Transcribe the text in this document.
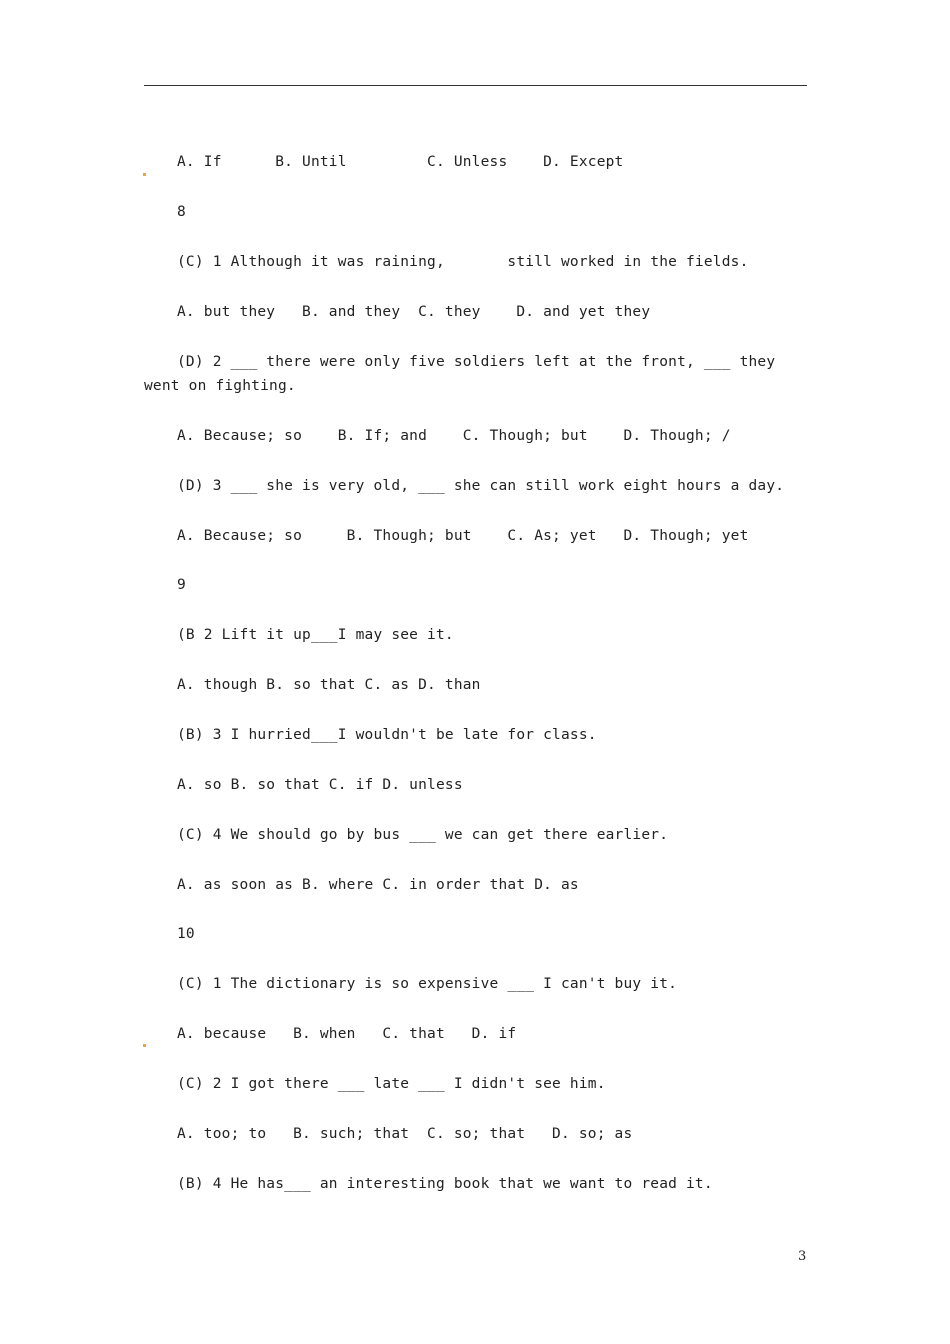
A. If      B. Until         C. Unless    D. Except
8
(C) 1 Although it was raining,       still worked in the fields.
A. but they   B. and they  C. they    D. and yet they
(D) 2 ___ there were only five soldiers left at the front, ___ they went on fighting.
A. Because; so    B. If; and    C. Though; but    D. Though; /
(D) 3 ___ she is very old, ___ she can still work eight hours a day.
A. Because; so     B. Though; but    C. As; yet   D. Though; yet
9
(B 2 Lift it up___I may see it.
A. though B. so that C. as D. than
(B) 3 I hurried___I wouldn't be late for class.
A. so B. so that C. if D. unless
(C) 4 We should go by bus ___ we can get there earlier.
A. as soon as B. where C. in order that D. as
10
(C) 1 The dictionary is so expensive ___ I can't buy it.
A. because   B. when   C. that   D. if
(C) 2 I got there ___ late ___ I didn't see him.
A. too; to   B. such; that  C. so; that   D. so; as
(B) 4 He has___ an interesting book that we want to read it.
3
